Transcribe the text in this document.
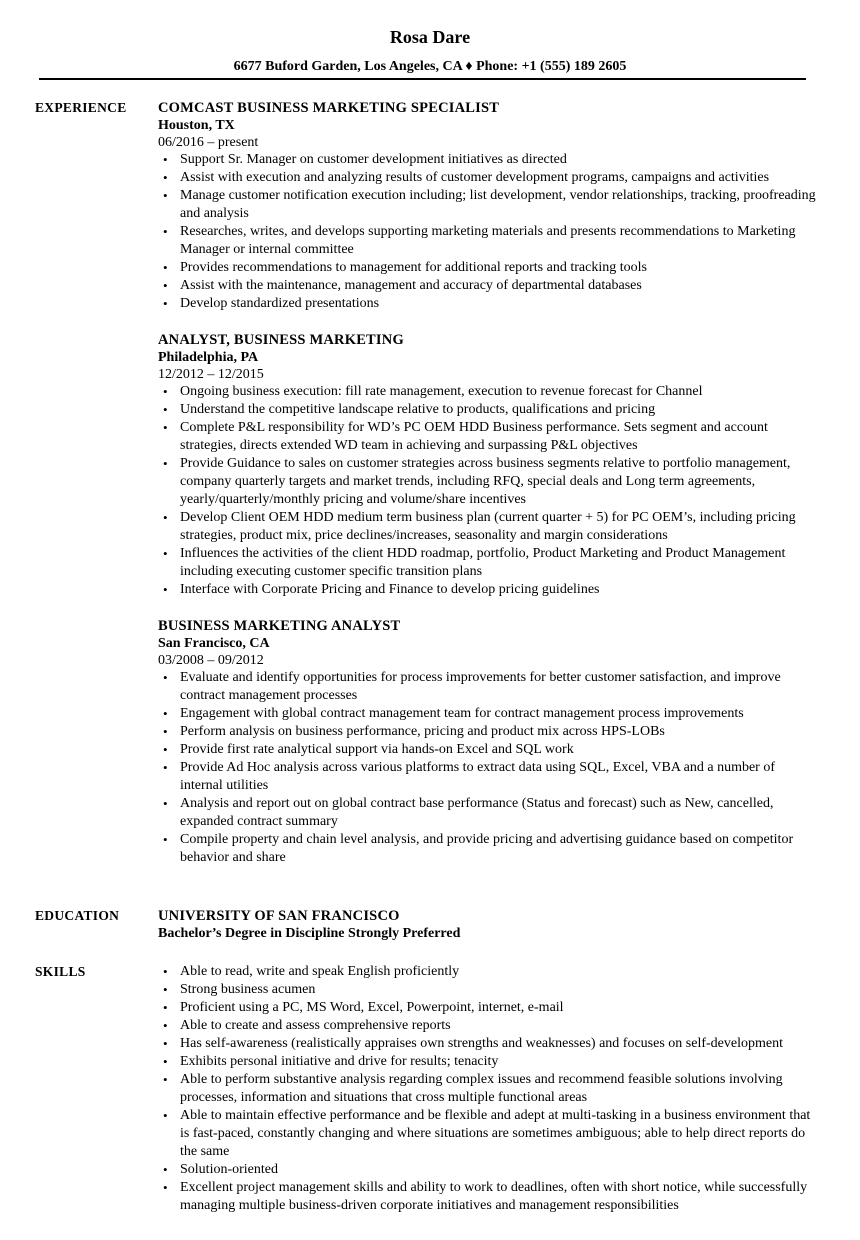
Rosa Dare
6677 Buford Garden, Los Angeles, CA ♦ Phone: +1 (555) 189 2605
EXPERIENCE COMCAST BUSINESS MARKETING SPECIALIST
Houston, TX
06/2016 – present
• Support Sr. Manager on customer development initiatives as directed
• Assist with execution and analyzing results of customer development programs, campaigns and activities
• Manage customer notification execution including; list development, vendor relationships, tracking, proofreading and analysis
• Researches, writes, and develops supporting marketing materials and presents recommendations to Marketing Manager or internal committee
• Provides recommendations to management for additional reports and tracking tools
• Assist with the maintenance, management and accuracy of departmental databases
• Develop standardized presentations
ANALYST, BUSINESS MARKETING
Philadelphia, PA
12/2012 – 12/2015
• Ongoing business execution: fill rate management, execution to revenue forecast for Channel
• Understand the competitive landscape relative to products, qualifications and pricing
• Complete P&L responsibility for WD’s PC OEM HDD Business performance. Sets segment and account strategies, directs extended WD team in achieving and surpassing P&L objectives
• Provide Guidance to sales on customer strategies across business segments relative to portfolio management, company quarterly targets and market trends, including RFQ, special deals and Long term agreements, yearly/quarterly/monthly pricing and volume/share incentives
• Develop Client OEM HDD medium term business plan (current quarter + 5) for PC OEM’s, including pricing strategies, product mix, price declines/increases, seasonality and margin considerations
• Influences the activities of the client HDD roadmap, portfolio, Product Marketing and Product Management including executing customer specific transition plans
• Interface with Corporate Pricing and Finance to develop pricing guidelines
BUSINESS MARKETING ANALYST
San Francisco, CA
03/2008 – 09/2012
• Evaluate and identify opportunities for process improvements for better customer satisfaction, and improve contract management processes
• Engagement with global contract management team for contract management process improvements
• Perform analysis on business performance, pricing and product mix across HPS-LOBs
• Provide first rate analytical support via hands-on Excel and SQL work
• Provide Ad Hoc analysis across various platforms to extract data using SQL, Excel, VBA and a number of internal utilities
• Analysis and report out on global contract base performance (Status and forecast) such as New, cancelled, expanded contract summary
• Compile property and chain level analysis, and provide pricing and advertising guidance based on competitor behavior and share
EDUCATION	UNIVERSITY OF SAN FRANCISCO
Bachelor’s Degree in Discipline Strongly Preferred
SKILLS
•	Able to read, write and speak English proficiently
• Strong business acumen
• Proficient using a PC, MS Word, Excel, Powerpoint, internet, e-mail
• Able to create and assess comprehensive reports
• Has self-awareness (realistically appraises own strengths and weaknesses) and focuses on self-development
• Exhibits personal initiative and drive for results; tenacity
• Able to perform substantive analysis regarding complex issues and recommend feasible solutions involving processes, information and situations that cross multiple functional areas
• Able to maintain effective performance and be flexible and adept at multi-tasking in a business environment that is fast-paced, constantly changing and where situations are sometimes ambiguous; able to help direct reports do the same
• Solution-oriented
• Excellent project management skills and ability to work to deadlines, often with short notice, while successfully managing multiple business-driven corporate initiatives and management responsibilities
